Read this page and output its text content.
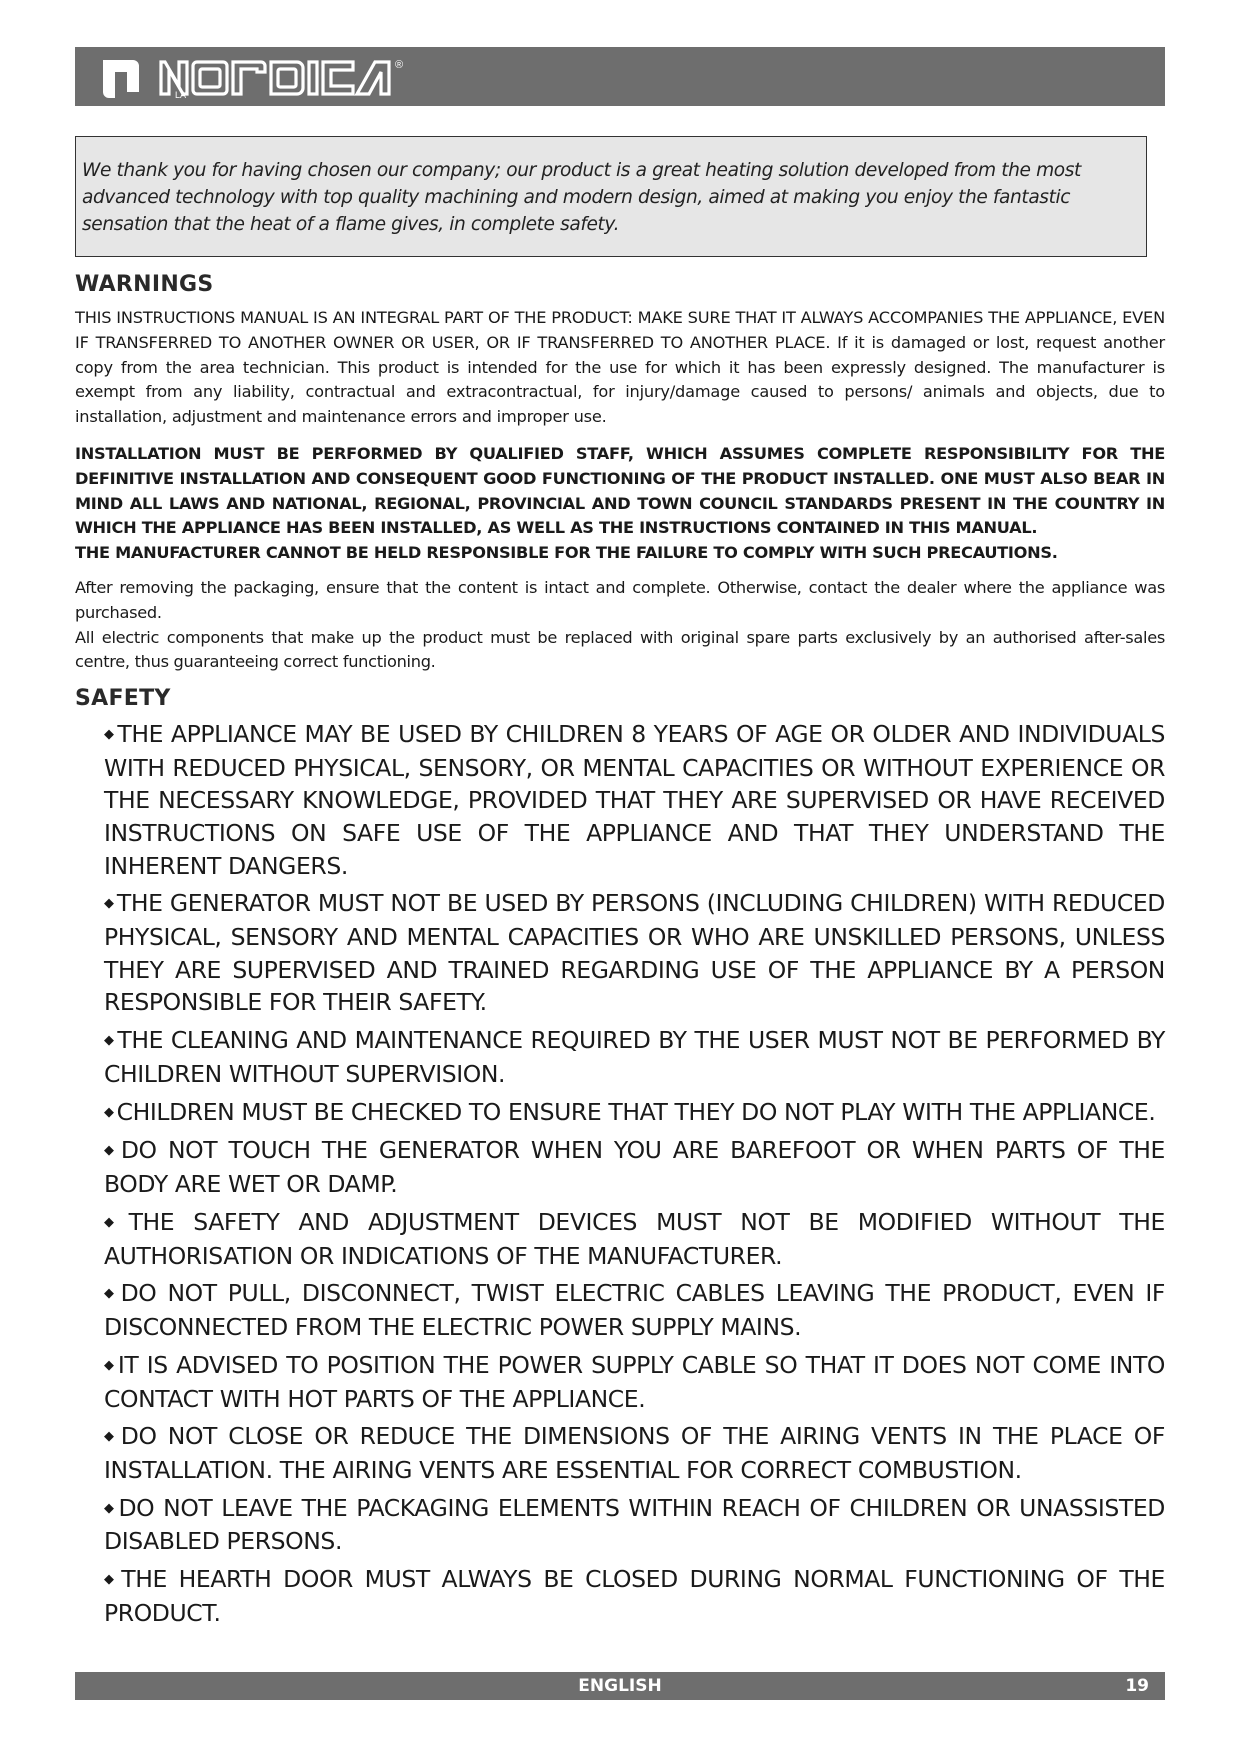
LA
®
NORDICA

We thank you for having chosen our company; our product is a great heating solution developed from the most advanced technology with top quality machining and modern design, aimed at making you enjoy the fantastic sensation that the heat of a flame gives, in complete safety.

WARNINGS

THIS INSTRUCTIONS MANUAL IS AN INTEGRAL PART OF THE PRODUCT: MAKE SURE THAT IT ALWAYS ACCOMPANIES THE APPLIANCE, EVEN IF TRANSFERRED TO ANOTHER OWNER OR USER, OR IF TRANSFERRED TO ANOTHER PLACE. If it is damaged or lost, request another copy from the area technician. This product is intended for the use for which it has been expressly designed. The manufacturer is exempt from any liability, contractual and extracontractual, for injury/damage caused to persons/ animals and objects, due to installation, adjustment and maintenance errors and improper use.

INSTALLATION MUST BE PERFORMED BY QUALIFIED STAFF, WHICH ASSUMES COMPLETE RESPONSIBILITY FOR THE DEFINITIVE INSTALLATION AND CONSEQUENT GOOD FUNCTIONING OF THE PRODUCT INSTALLED. ONE MUST ALSO BEAR IN MIND ALL LAWS AND NATIONAL, REGIONAL, PROVINCIAL AND TOWN COUNCIL STANDARDS PRESENT IN THE COUNTRY IN WHICH THE APPLIANCE HAS BEEN INSTALLED, AS WELL AS THE INSTRUCTIONS CONTAINED IN THIS MANUAL.

THE MANUFACTURER CANNOT BE HELD RESPONSIBLE FOR THE FAILURE TO COMPLY WITH SUCH PRECAUTIONS.

After removing the packaging, ensure that the content is intact and complete. Otherwise, contact the dealer where the appliance was purchased.
All electric components that make up the product must be replaced with original spare parts exclusively by an authorised after-sales centre, thus guaranteeing correct functioning.

SAFETY
◆ THE APPLIANCE MAY BE USED BY CHILDREN 8 YEARS OF AGE OR OLDER AND INDIVIDUALS WITH REDUCED PHYSICAL, SENSORY, OR MENTAL CAPACITIES OR WITHOUT EXPERIENCE OR THE NECESSARY KNOWLEDGE, PROVIDED THAT THEY ARE SUPERVISED OR HAVE RECEIVED INSTRUCTIONS ON SAFE USE OF THE APPLIANCE AND THAT THEY UNDERSTAND THE INHERENT DANGERS.
◆ THE GENERATOR MUST NOT BE USED BY PERSONS (INCLUDING CHILDREN) WITH REDUCED PHYSICAL, SENSORY AND MENTAL CAPACITIES OR WHO ARE UNSKILLED PERSONS, UNLESS THEY ARE SUPERVISED AND TRAINED REGARDING USE OF THE APPLIANCE BY A PERSON RESPONSIBLE FOR THEIR SAFETY.
◆ THE CLEANING AND MAINTENANCE REQUIRED BY THE USER MUST NOT BE PERFORMED BY CHILDREN WITHOUT SUPERVISION.
◆ CHILDREN MUST BE CHECKED TO ENSURE THAT THEY DO NOT PLAY WITH THE APPLIANCE.
◆ DO NOT TOUCH THE GENERATOR WHEN YOU ARE BAREFOOT OR WHEN PARTS OF THE BODY ARE WET OR DAMP.
◆ THE SAFETY AND ADJUSTMENT DEVICES MUST NOT BE MODIFIED WITHOUT THE AUTHORISATION OR INDICATIONS OF THE MANUFACTURER.
◆ DO NOT PULL, DISCONNECT, TWIST ELECTRIC CABLES LEAVING THE PRODUCT, EVEN IF DISCONNECTED FROM THE ELECTRIC POWER SUPPLY MAINS.
◆ IT IS ADVISED TO POSITION THE POWER SUPPLY CABLE SO THAT IT DOES NOT COME INTO CONTACT WITH HOT PARTS OF THE APPLIANCE.
◆ DO NOT CLOSE OR REDUCE THE DIMENSIONS OF THE AIRING VENTS IN THE PLACE OF INSTALLATION. THE AIRING VENTS ARE ESSENTIAL FOR CORRECT COMBUSTION.
◆ DO NOT LEAVE THE PACKAGING ELEMENTS WITHIN REACH OF CHILDREN OR UNASSISTED DISABLED PERSONS.
◆ THE HEARTH DOOR MUST ALWAYS BE CLOSED DURING NORMAL FUNCTIONING OF THE PRODUCT.
ENGLISH	19
